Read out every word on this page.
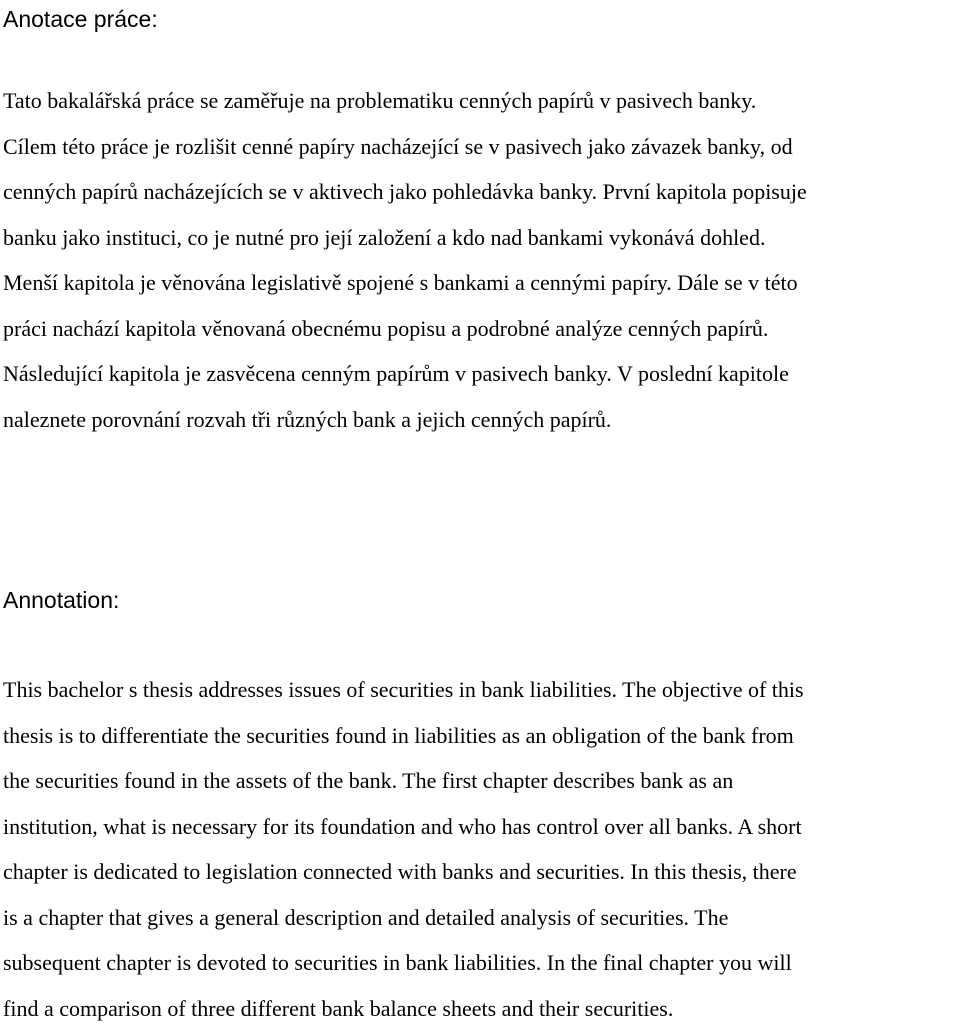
Anotace práce:
Tato bakalářská práce se zaměřuje na problematiku cenných papírů v pasivech banky.
Cílem této práce je rozlišit cenné papíry nacházející se v pasivech jako závazek banky, od
cenných papírů nacházejících se v aktivech jako pohledávka banky. První kapitola popisuje
banku jako instituci, co je nutné pro její založení a kdo nad bankami vykonává dohled.
Menší kapitola je věnována legislativě spojené s bankami a cennými papíry. Dále se v této
práci nachází kapitola věnovaná obecnému popisu a podrobné analýze cenných papírů.
Následující kapitola je zasvěcena cenným papírům v pasivech banky. V poslední kapitole
naleznete porovnání rozvah tři různých bank a jejich cenných papírů.
Annotation:
This bachelor s thesis addresses issues of securities in bank liabilities. The objective of this
thesis is to differentiate the securities found in liabilities as an obligation of the bank from
the securities found in the assets of the bank. The first chapter describes bank as an
institution, what is necessary for its foundation and who has control over all banks. A short
chapter is dedicated to legislation connected with banks and securities. In this thesis, there
is a chapter that gives a general description and detailed analysis of securities. The
subsequent chapter is devoted to securities in bank liabilities. In the final chapter you will
find a comparison of three different bank balance sheets and their securities.
